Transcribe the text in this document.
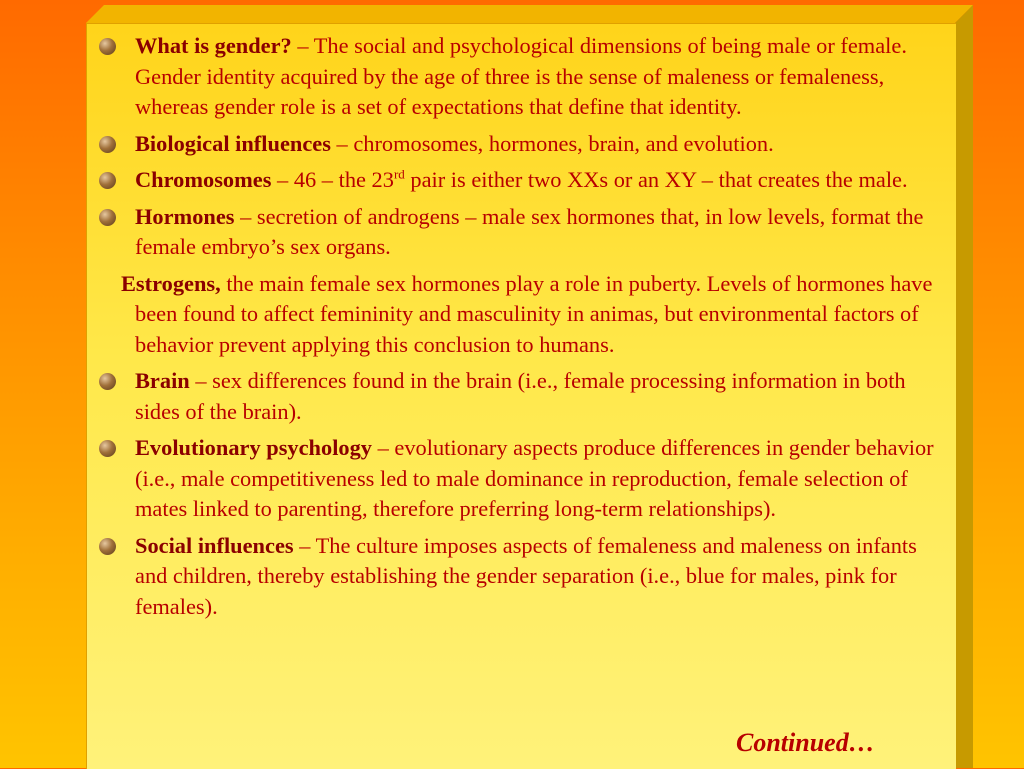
What is gender? – The social and psychological dimensions of being male or female. Gender identity acquired by the age of three is the sense of maleness or femaleness, whereas gender role is a set of expectations that define that identity.
Biological influences – chromosomes, hormones, brain, and evolution.
Chromosomes – 46 – the 23rd pair is either two XXs or an XY – that creates the male.
Hormones – secretion of androgens – male sex hormones that, in low levels, format the female embryo’s sex organs.
Estrogens, the main female sex hormones play a role in puberty. Levels of hormones have been found to affect femininity and masculinity in animas, but environmental factors of behavior prevent applying this conclusion to humans.
Brain – sex differences found in the brain (i.e., female processing information in both sides of the brain).
Evolutionary psychology – evolutionary aspects produce differences in gender behavior (i.e., male competitiveness led to male dominance in reproduction, female selection of mates linked to parenting, therefore preferring long-term relationships).
Social influences – The culture imposes aspects of femaleness and maleness on infants and children, thereby establishing the gender separation (i.e., blue for males, pink for females).
Continued…
